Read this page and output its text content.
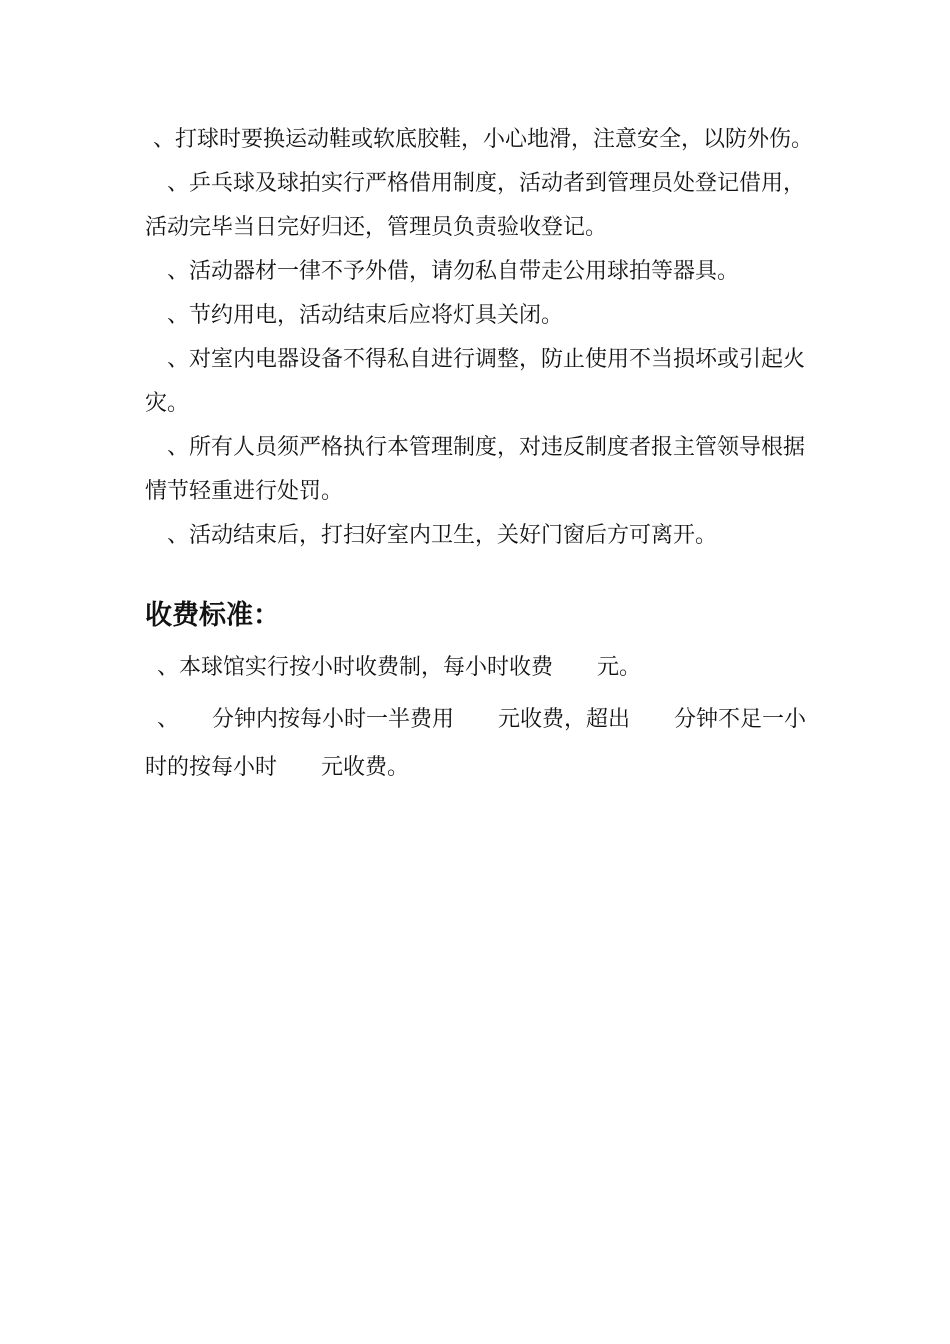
、打球时要换运动鞋或软底胶鞋，小心地滑，注意安全，以防外伤。

、乒乓球及球拍实行严格借用制度，活动者到管理员处登记借用，活动完毕当日完好归还，管理员负责验收登记。

、活动器材一律不予外借，请勿私自带走公用球拍等器具。

、节约用电，活动结束后应将灯具关闭。

、对室内电器设备不得私自进行调整，防止使用不当损坏或引起火灾。

、所有人员须严格执行本管理制度，对违反制度者报主管领导根据情节轻重进行处罚。

、活动结束后，打扫好室内卫生，关好门窗后方可离开。

收费标准：

、本球馆实行按小时收费制，每小时收费　　元。

、　　分钟内按每小时一半费用　　元收费，超出　　分钟不足一小时的按每小时　　元收费。
